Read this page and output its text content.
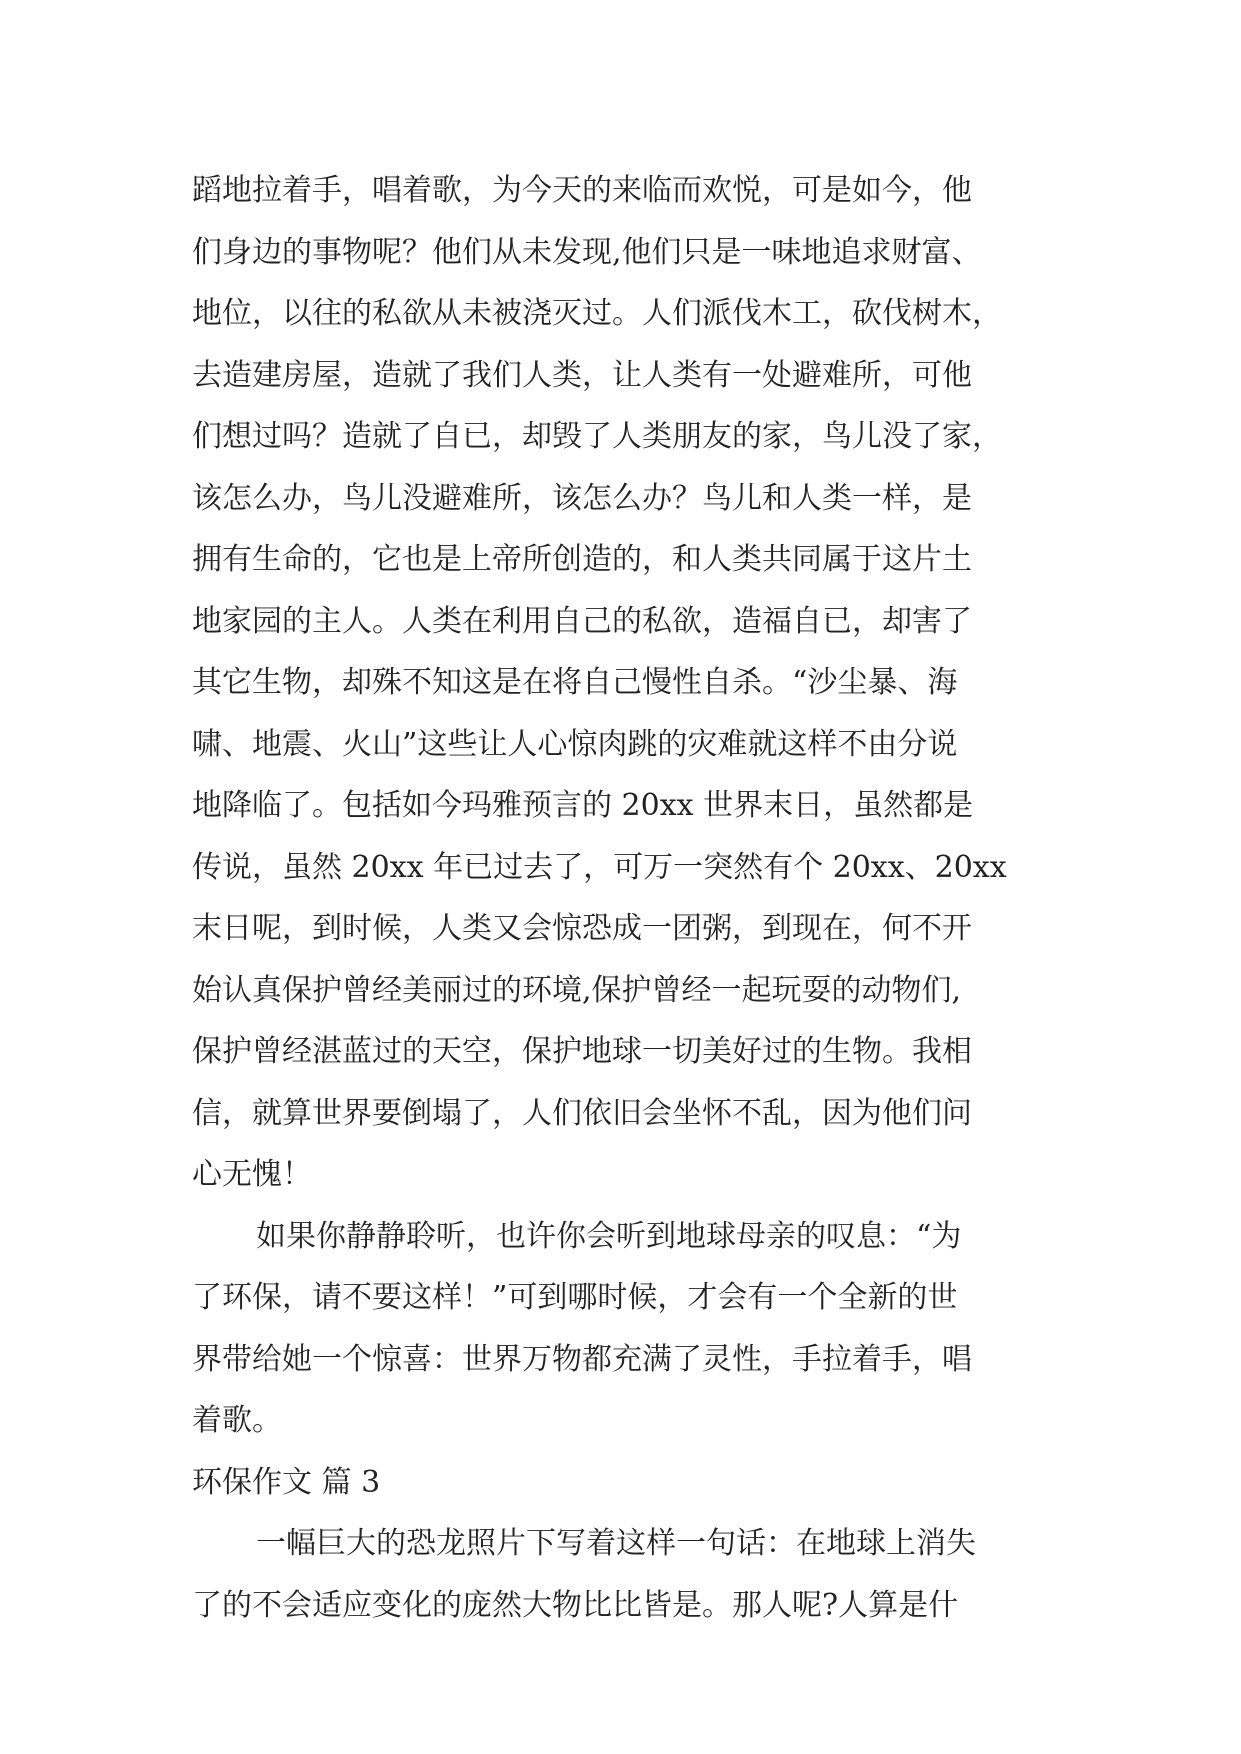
蹈地拉着手，唱着歌，为今天的来临而欢悦，可是如今，他
们身边的事物呢？他们从未发现,他们只是一味地追求财富、
地位，以往的私欲从未被浇灭过。人们派伐木工，砍伐树木，
去造建房屋，造就了我们人类，让人类有一处避难所，可他
们想过吗？造就了自已，却毁了人类朋友的家，鸟儿没了家，
该怎么办，鸟儿没避难所，该怎么办？鸟儿和人类一样，是
拥有生命的，它也是上帝所创造的，和人类共同属于这片土
地家园的主人。人类在利用自己的私欲，造福自已，却害了
其它生物，却殊不知这是在将自己慢性自杀。“沙尘暴、海
啸、地震、火山”这些让人心惊肉跳的灾难就这样不由分说
地降临了。包括如今玛雅预言的 20xx 世界末日，虽然都是
传说，虽然 20xx 年已过去了，可万一突然有个 20xx、20xx
末日呢，到时候，人类又会惊恐成一团粥，到现在，何不开
始认真保护曾经美丽过的环境,保护曾经一起玩耍的动物们,
保护曾经湛蓝过的天空，保护地球一切美好过的生物。我相
信，就算世界要倒塌了，人们依旧会坐怀不乱，因为他们问
心无愧！
如果你静静聆听，也许你会听到地球母亲的叹息：“为
了环保，请不要这样！”可到哪时候，才会有一个全新的世
界带给她一个惊喜：世界万物都充满了灵性，手拉着手，唱
着歌。
环保作文 篇 3
一幅巨大的恐龙照片下写着这样一句话：在地球上消失
了的不会适应变化的庞然大物比比皆是。那人呢?人算是什
